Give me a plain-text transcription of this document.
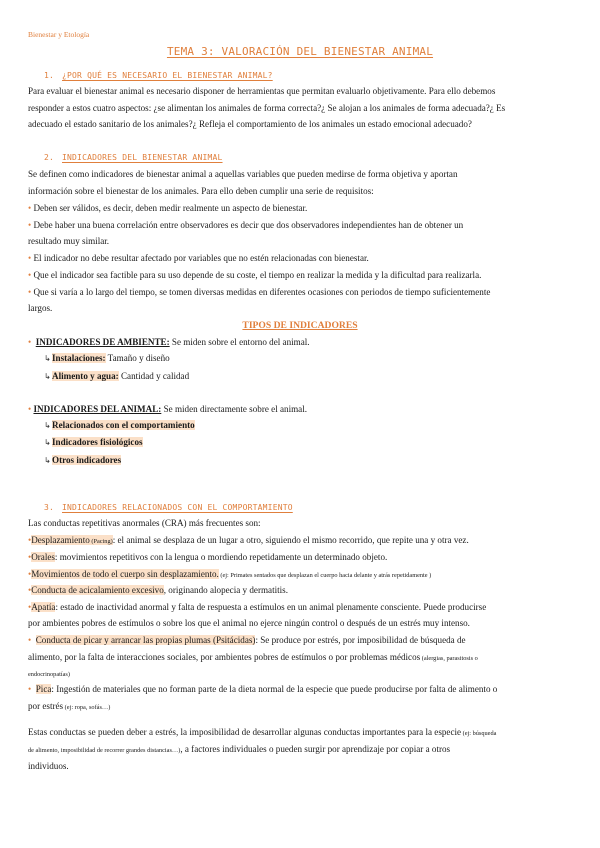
Bienestar y Etología
TEMA 3: VALORACIÓN DEL BIENESTAR ANIMAL
1. ¿POR QUÉ ES NECESARIO EL BIENESTAR ANIMAL?
Para evaluar el bienestar animal es necesario disponer de herramientas que permitan evaluarlo objetivamente. Para ello debemos
responder a estos cuatro aspectos: ¿se alimentan los animales de forma correcta?¿ Se alojan a los animales de forma adecuada?¿ Es
adecuado el estado sanitario de los animales?¿ Refleja el comportamiento de los animales un estado emocional adecuado?
2. INDICADORES DEL BIENESTAR ANIMAL
Se definen como indicadores de bienestar animal a aquellas variables que pueden medirse de forma objetiva y aportan
información sobre el bienestar de los animales. Para ello deben cumplir una serie de requisitos:
• Deben ser válidos, es decir, deben medir realmente un aspecto de bienestar.
• Debe haber una buena correlación entre observadores es decir que dos observadores independientes han de obtener un
resultado muy similar.
• El indicador no debe resultar afectado por variables que no estén relacionadas con bienestar.
• Que el indicador sea factible para su uso depende de su coste, el tiempo en realizar la medida y la dificultad para realizarla.
• Que si varía a lo largo del tiempo, se tomen diversas medidas en diferentes ocasiones con periodos de tiempo suficientemente
largos.
TIPOS DE INDICADORES
• INDICADORES DE AMBIENTE: Se miden sobre el entorno del animal.
↳Instalaciones: Tamaño y diseño
↳Alimento y agua: Cantidad y calidad
• INDICADORES DEL ANIMAL: Se miden directamente sobre el animal.
↳Relacionados con el comportamiento
↳Indicadores fisiológicos
↳Otros indicadores
3. INDICADORES RELACIONADOS CON EL COMPORTAMIENTO
Las conductas repetitivas anormales (CRA) más frecuentes son:
•Desplazamiento (Pacing): el animal se desplaza de un lugar a otro, siguiendo el mismo recorrido, que repite una y otra vez.
•Orales: movimientos repetitivos con la lengua o mordiendo repetidamente un determinado objeto.
•Movimientos de todo el cuerpo sin desplazamiento. (ej: Primates sentados que desplazan el cuerpo hacia delante y atrás repetidamente )
•Conducta de acicalamiento excesivo, originando alopecia y dermatitis.
•Apatía: estado de inactividad anormal y falta de respuesta a estímulos en un animal plenamente consciente. Puede producirse
por ambientes pobres de estímulos o sobre los que el animal no ejerce ningún control o después de un estrés muy intenso.
• Conducta de picar y arrancar las propias plumas (Psitácidas): Se produce por estrés, por imposibilidad de búsqueda de
alimento, por la falta de interacciones sociales, por ambientes pobres de estímulos o por problemas médicos (alergias, parasitosis o
endocrinopatías)
• Pica: Ingestión de materiales que no forman parte de la dieta normal de la especie que puede producirse por falta de alimento o
por estrés (ej: ropa, sofás…)
Estas conductas se pueden deber a estrés, la imposibilidad de desarrollar algunas conductas importantes para la especie (ej: búsqueda
de alimento, imposibilidad de recorrer grandes distancias…), a factores individuales o pueden surgir por aprendizaje por copiar a otros
individuos.
